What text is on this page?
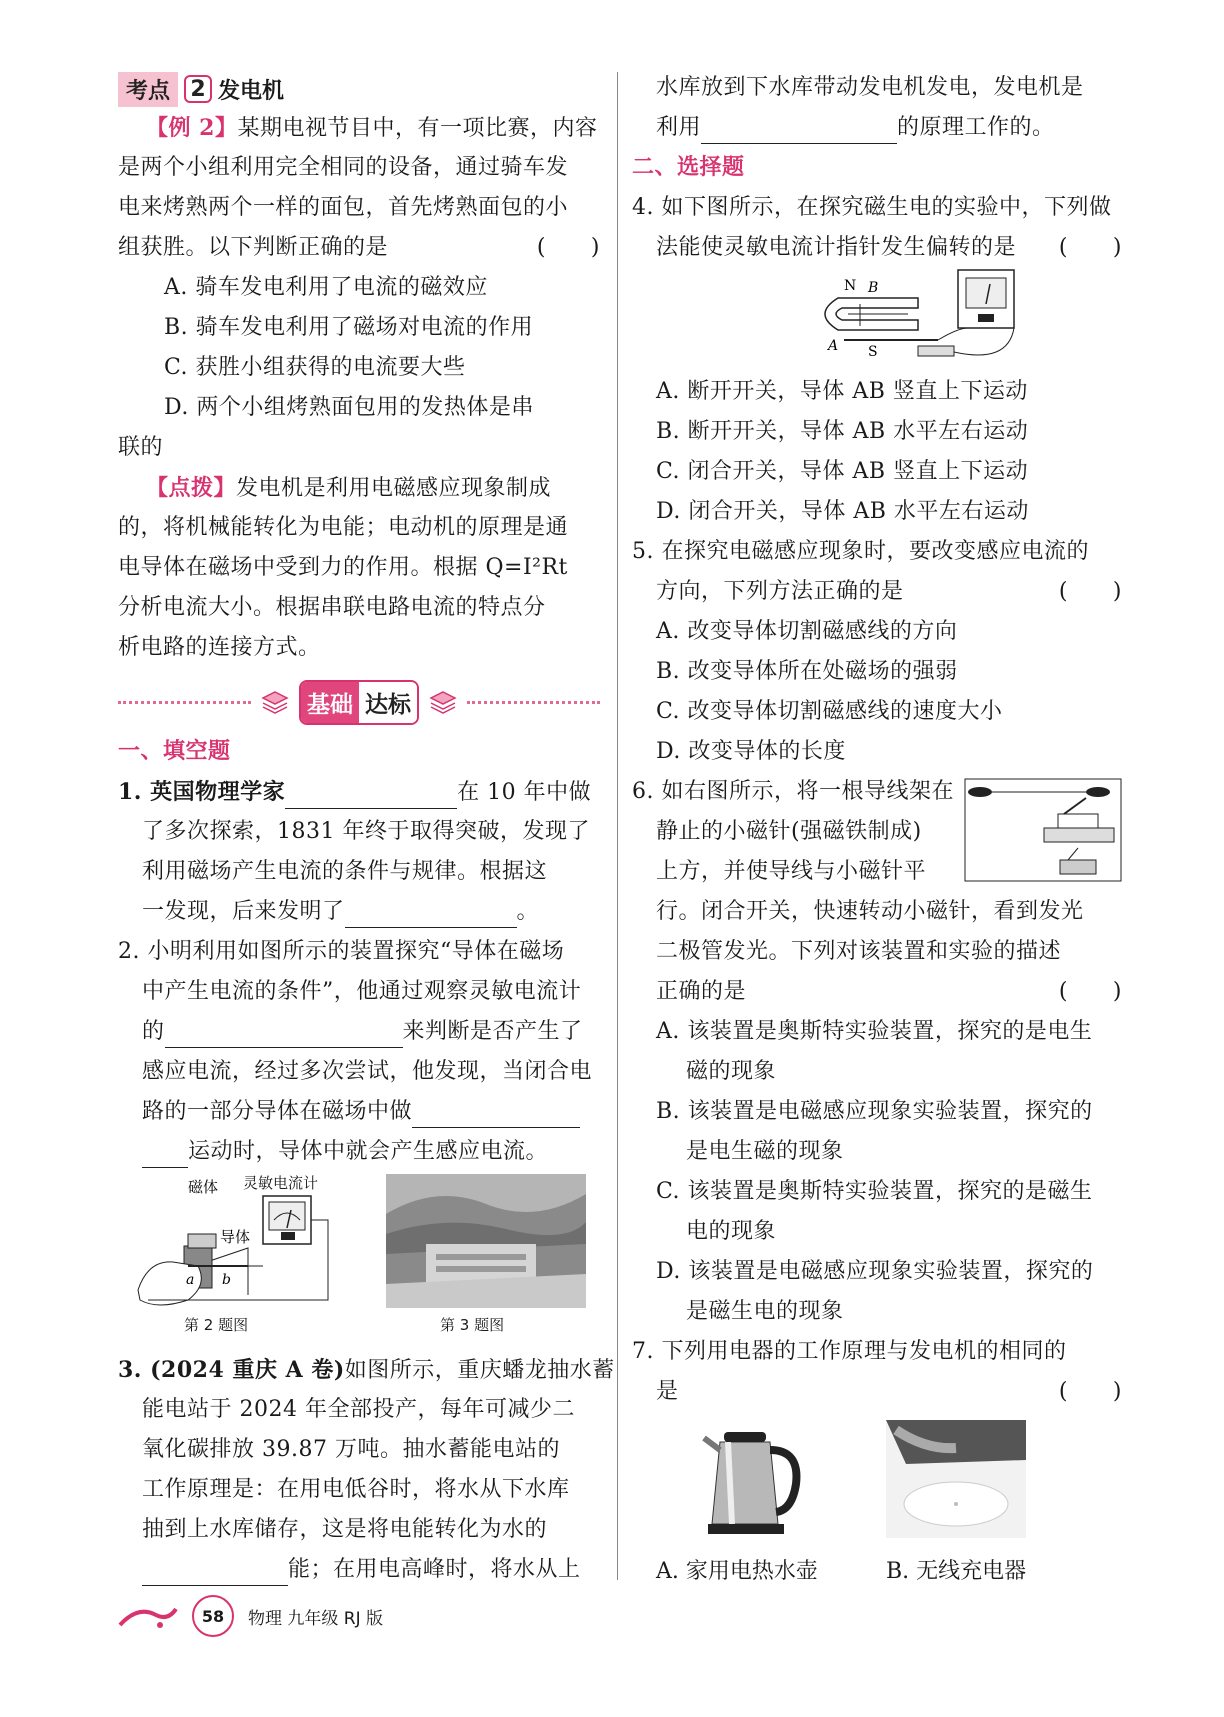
考点 2 发电机
【例 2】某期电视节目中，有一项比赛，内容
是两个小组利用完全相同的设备，通过骑车发
电来烤熟两个一样的面包，首先烤熟面包的小
组获胜。以下判断正确的是	(　　)
A. 骑车发电利用了电流的磁效应
B. 骑车发电利用了磁场对电流的作用
C. 获胜小组获得的电流要大些
D. 两个小组烤熟面包用的发热体是串
联的
【点拨】发电机是利用电磁感应现象制成
的，将机械能转化为电能；电动机的原理是通
电导体在磁场中受到力的作用。根据 Q=I²Rt
分析电流大小。根据串联电路电流的特点分
析电路的连接方式。
基础 达标
一、填空题
1. 英国物理学家	在 10 年中做
了多次探索，1831 年终于取得突破，发现了
利用磁场产生电流的条件与规律。根据这
一发现，后来发明了	。
2. 小明利用如图所示的装置探究“导体在磁场
中产生电流的条件”，他通过观察灵敏电流计
的	来判断是否产生了
感应电流，经过多次尝试，他发现，当闭合电
路的一部分导体在磁场中做
运动时，导体中就会产生感应电流。
磁体
导体
a b
灵敏电流计
第 2 题图	第 3 题图
3. (2024 重庆 A 卷)如图所示，重庆蟠龙抽水蓄
能电站于 2024 年全部投产，每年可减少二
氧化碳排放 39.87 万吨。抽水蓄能电站的
工作原理是：在用电低谷时，将水从下水库
抽到上水库储存，这是将电能转化为水的
能；在用电高峰时，将水从上
水库放到下水库带动发电机发电，发电机是
利用	的原理工作的。
二、选择题
4. 如下图所示，在探究磁生电的实验中，下列做
法能使灵敏电流计指针发生偏转的是 (　　)
N
S
A
B
A. 断开开关，导体 AB 竖直上下运动
B. 断开开关，导体 AB 水平左右运动
C. 闭合开关，导体 AB 竖直上下运动
D. 闭合开关，导体 AB 水平左右运动
5. 在探究电磁感应现象时，要改变感应电流的
方向，下列方法正确的是	(　　)
A. 改变导体切割磁感线的方向
B. 改变导体所在处磁场的强弱
C. 改变导体切割磁感线的速度大小
D. 改变导体的长度
6. 如右图所示，将一根导线架在
静止的小磁针(强磁铁制成)
上方，并使导线与小磁针平
行。闭合开关，快速转动小磁针，看到发光
二极管发光。下列对该装置和实验的描述
正确的是	(　　)
A. 该装置是奥斯特实验装置，探究的是电生
磁的现象
B. 该装置是电磁感应现象实验装置，探究的
是电生磁的现象
C. 该装置是奥斯特实验装置，探究的是磁生
电的现象
D. 该装置是电磁感应现象实验装置，探究的
是磁生电的现象
7. 下列用电器的工作原理与发电机的相同的
是	(　　)
A. 家用电热水壶	B. 无线充电器
58	物理 九年级 RJ 版
